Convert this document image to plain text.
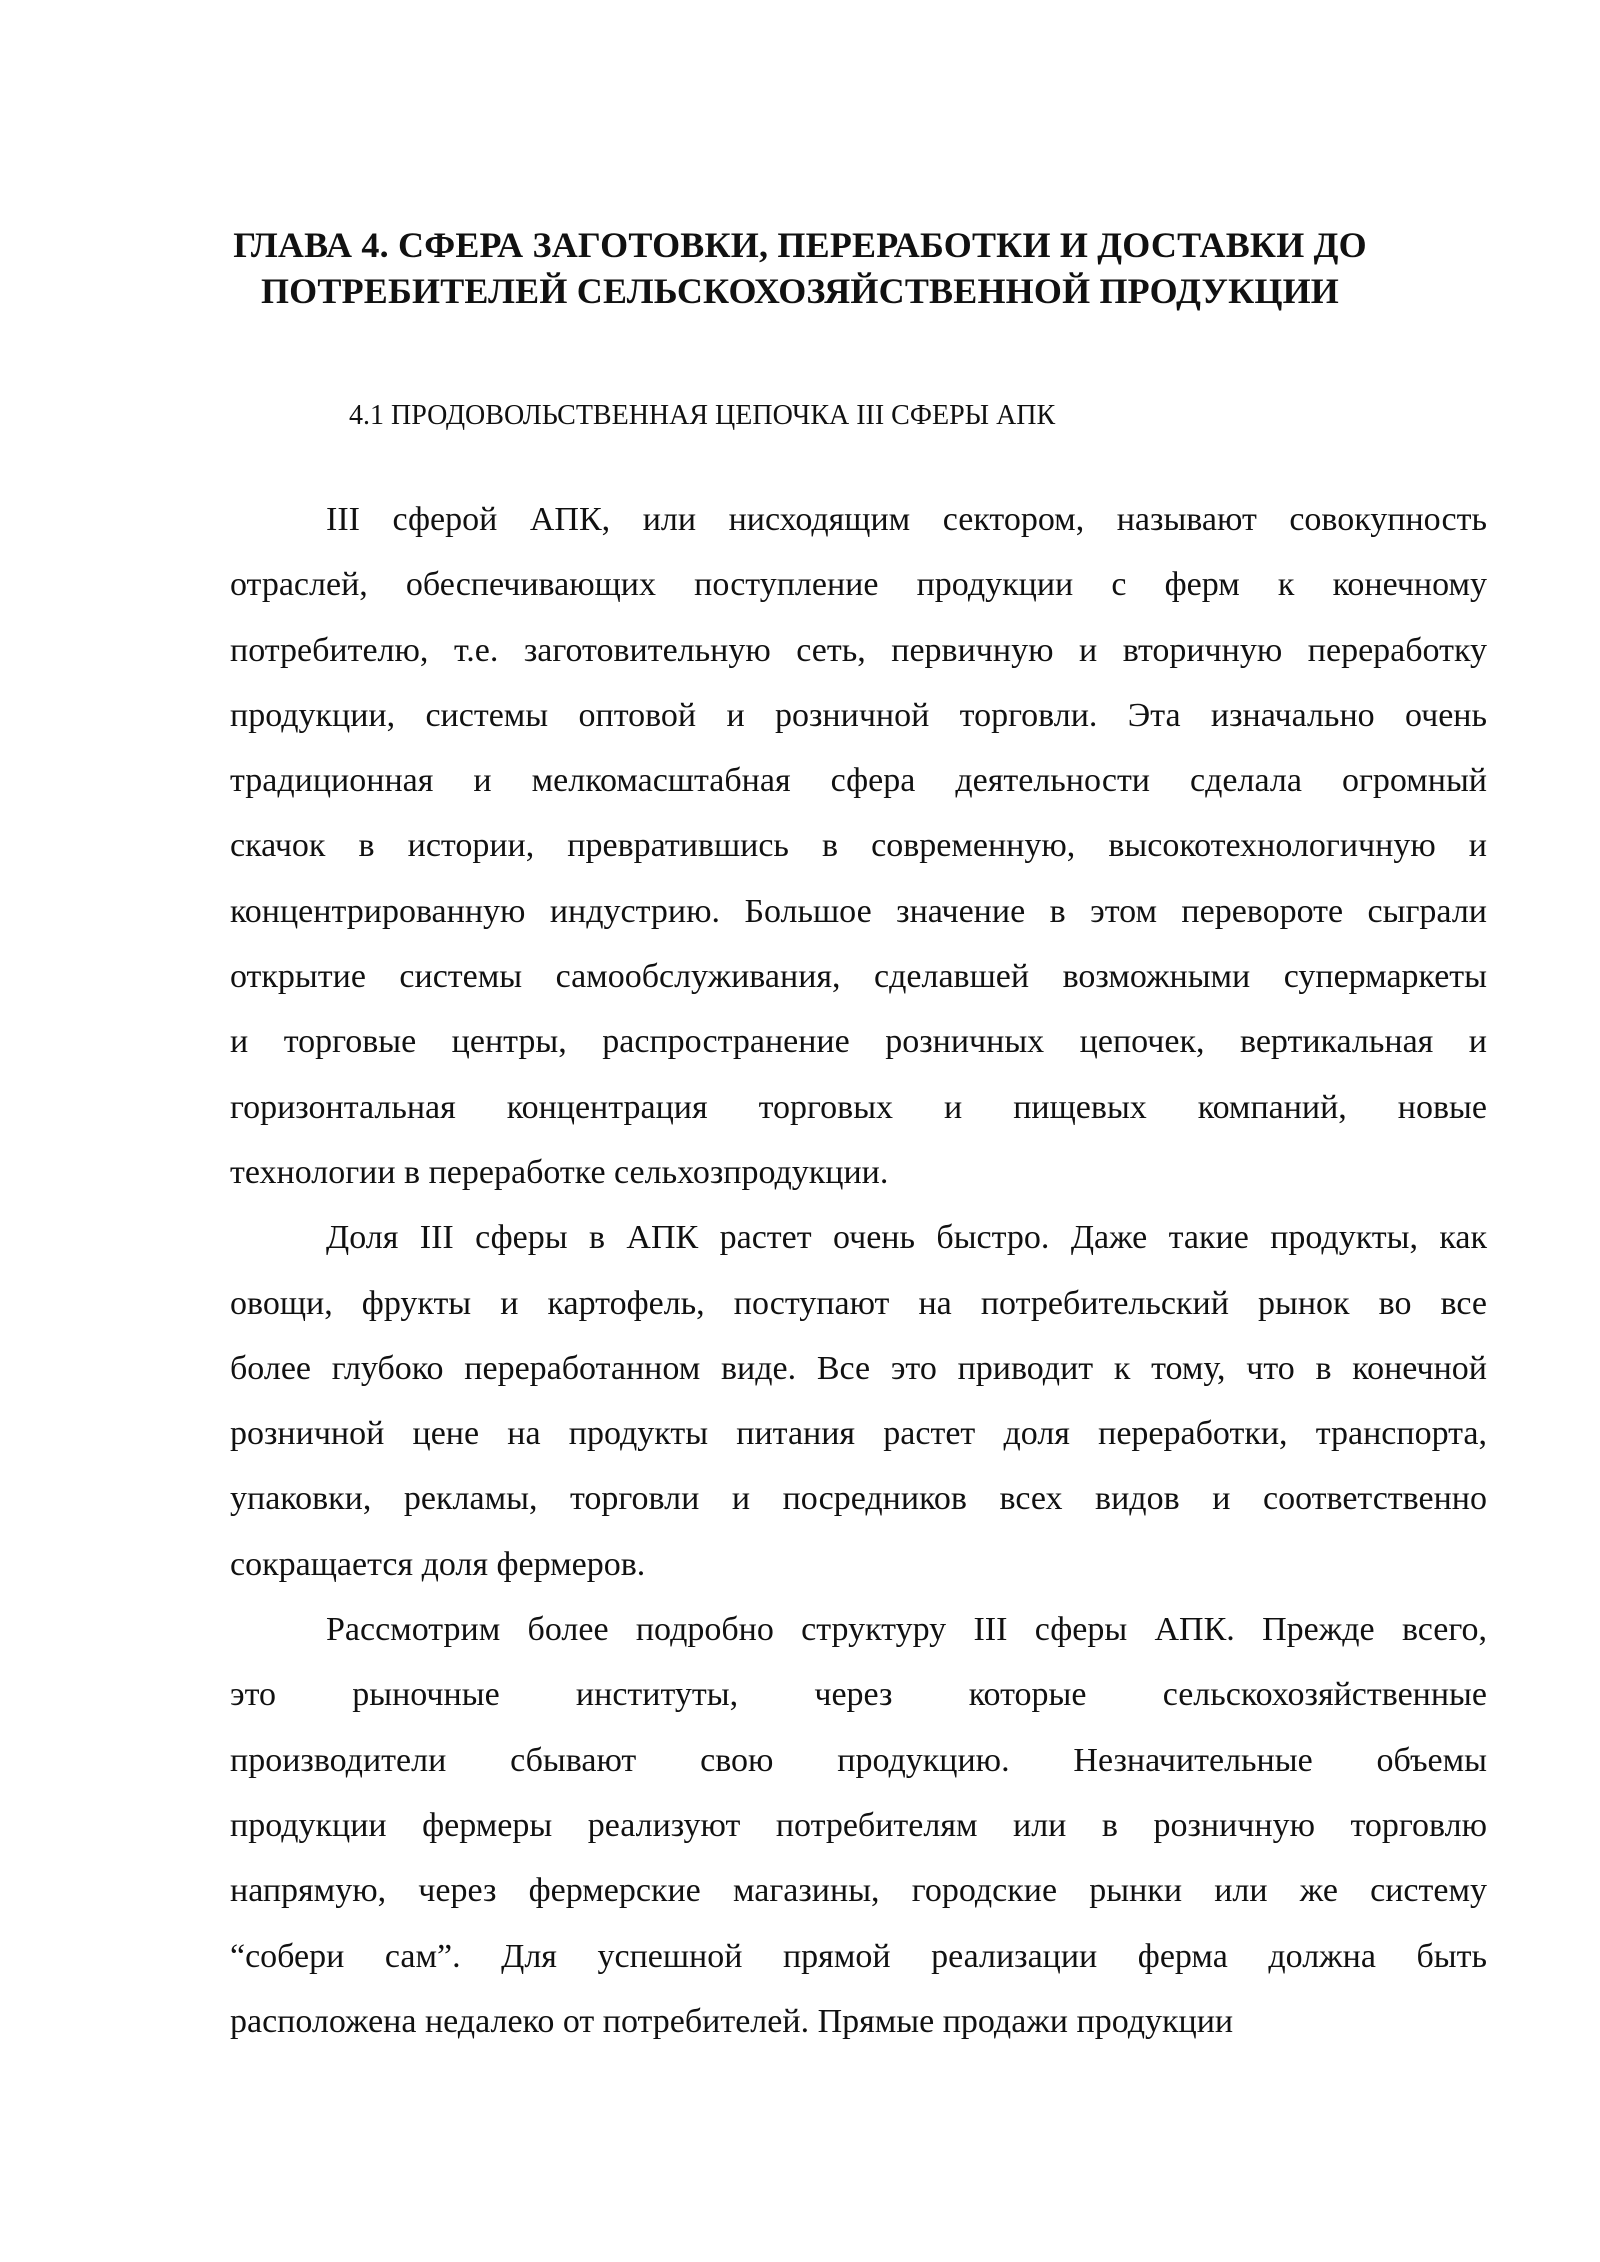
ГЛАВА 4. СФЕРА ЗАГОТОВКИ, ПЕРЕРАБОТКИ И ДОСТАВКИ ДО
ПОТРЕБИТЕЛЕЙ СЕЛЬСКОХОЗЯЙСТВЕННОЙ ПРОДУКЦИИ
4.1 ПРОДОВОЛЬСТВЕННАЯ ЦЕПОЧКА III СФЕРЫ АПК

III сферой АПК, или нисходящим сектором, называют совокупность
отраслей, обеспечивающих поступление продукции с ферм к конечному
потребителю, т.е. заготовительную сеть, первичную и вторичную переработку
продукции, системы оптовой и розничной торговли. Эта изначально очень
традиционная и мелкомасштабная сфера деятельности сделала огромный
скачок в истории, превратившись в современную, высокотехнологичную и
концентрированную индустрию. Большое значение в этом перевороте сыграли
открытие системы самообслуживания, сделавшей возможными супермаркеты
и торговые центры, распространение розничных цепочек, вертикальная и
горизонтальная концентрация торговых и пищевых компаний, новые
технологии в переработке сельхозпродукции.

Доля III сферы в АПК растет очень быстро. Даже такие продукты, как
овощи, фрукты и картофель, поступают на потребительский рынок во все
более глубоко переработанном виде. Все это приводит к тому, что в конечной
розничной цене на продукты питания растет доля переработки, транспорта,
упаковки, рекламы, торговли и посредников всех видов и соответственно
сокращается доля фермеров.

Рассмотрим более подробно структуру III сферы АПК. Прежде всего,
это рыночные институты, через которые сельскохозяйственные
производители сбывают свою продукцию. Незначительные объемы
продукции фермеры реализуют потребителям или в розничную торговлю
напрямую, через фермерские магазины, городские рынки или же систему
“собери сам”. Для успешной прямой реализации ферма должна быть
расположена недалеко от потребителей. Прямые продажи продукции
